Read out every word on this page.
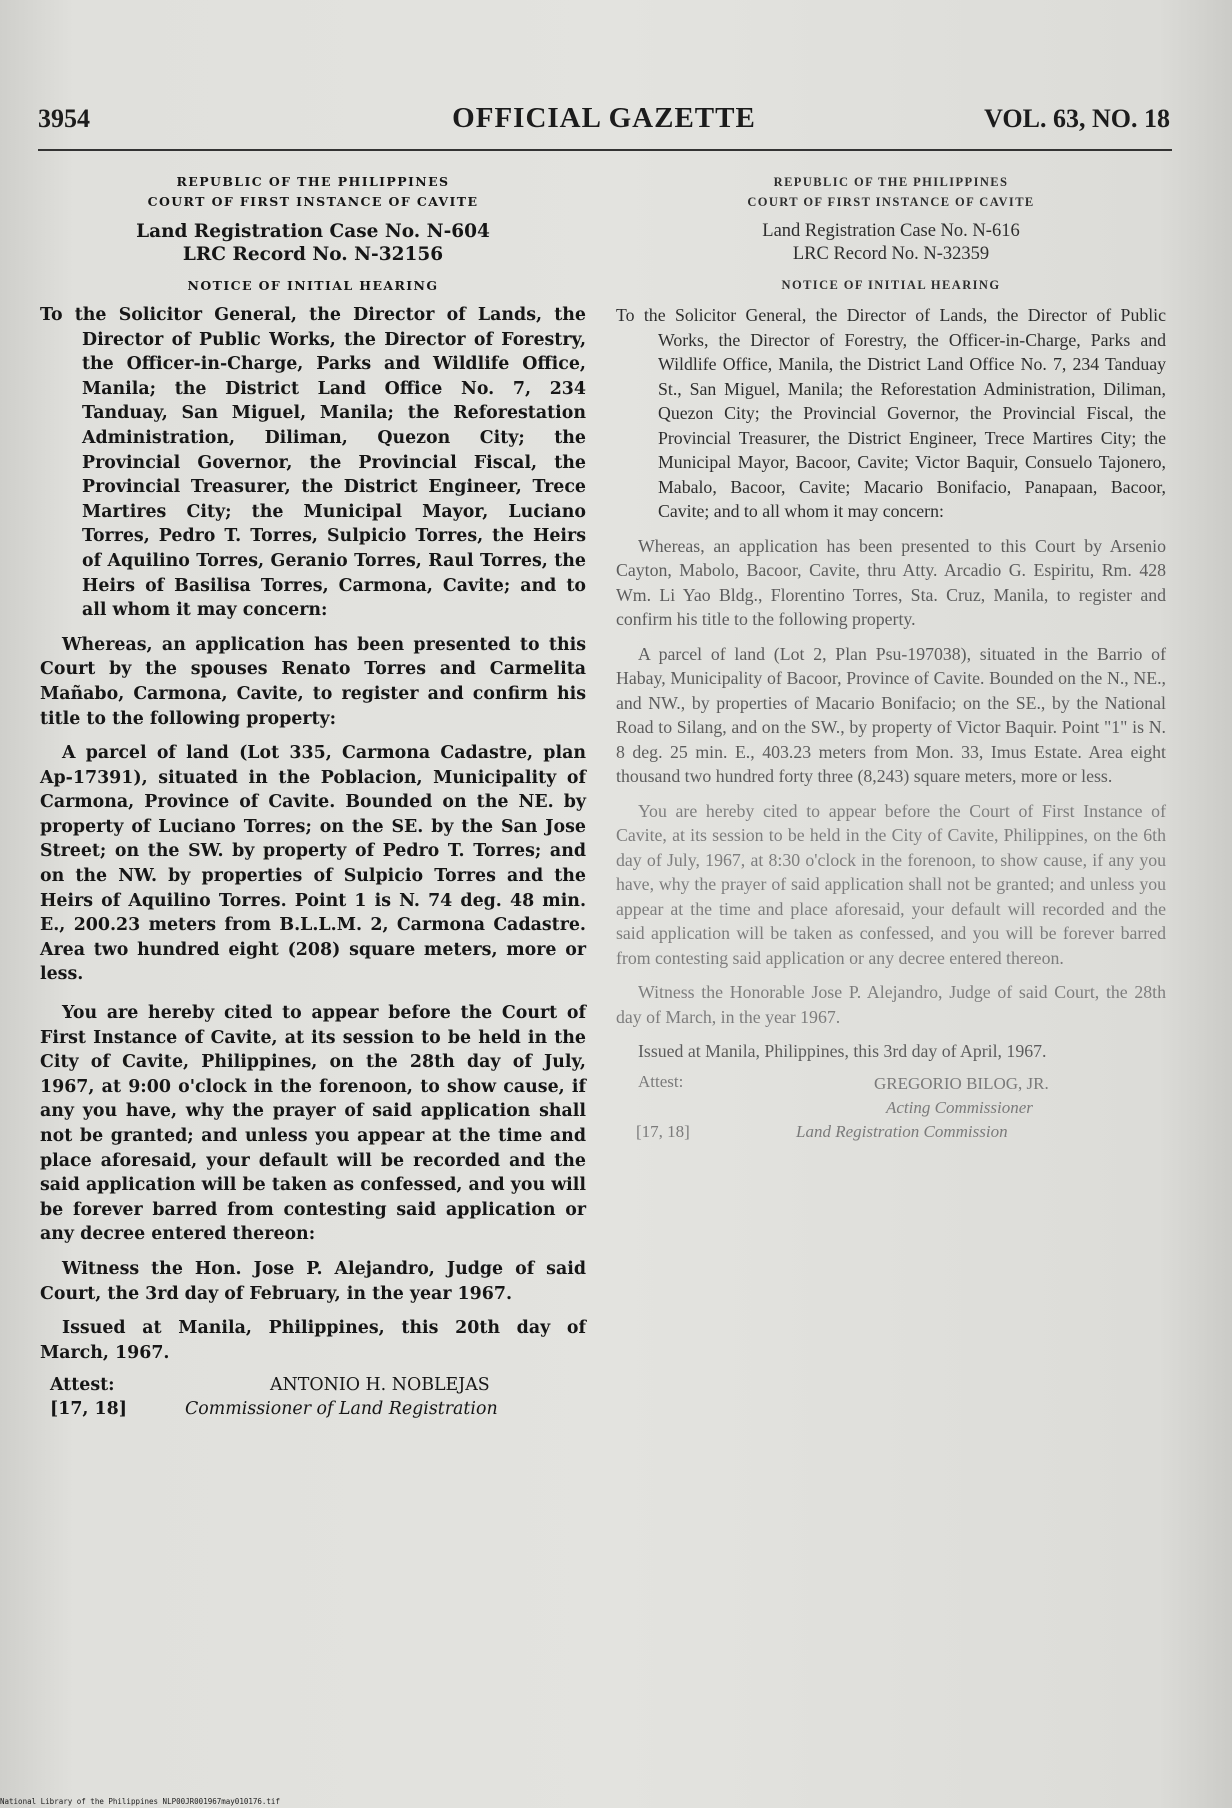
3954	OFFICIAL GAZETTE	VOL. 63, NO. 18
REPUBLIC OF THE PHILIPPINES
COURT OF FIRST INSTANCE OF CAVITE
Land Registration Case No. N-604
LRC Record No. N-32156
NOTICE OF INITIAL HEARING

To the Solicitor General, the Director of Lands, the Director of Public Works, the Director of Forestry, the Officer-in-Charge, Parks and Wildlife Office, Manila; the District Land Office No. 7, 234 Tanduay, San Miguel, Manila; the Reforestation Administration, Diliman, Quezon City; the Provincial Governor, the Provincial Fiscal, the Provincial Treasurer, the District Engineer, Trece Martires City; the Municipal Mayor, Luciano Torres, Pedro T. Torres, Sulpicio Torres, the Heirs of Aquilino Torres, Geranio Torres, Raul Torres, the Heirs of Basilisa Torres, Carmona, Cavite; and to all whom it may concern:

Whereas, an application has been presented to this Court by the spouses Renato Torres and Carmelita Mañabo, Carmona, Cavite, to register and confirm his title to the following property:

A parcel of land (Lot 335, Carmona Cadastre, plan Ap-17391), situated in the Poblacion, Municipality of Carmona, Province of Cavite. Bounded on the NE. by property of Luciano Torres; on the SE. by the San Jose Street; on the SW. by property of Pedro T. Torres; and on the NW. by properties of Sulpicio Torres and the Heirs of Aquilino Torres. Point 1 is N. 74 deg. 48 min. E., 200.23 meters from B.L.L.M. 2, Carmona Cadastre. Area two hundred eight (208) square meters, more or less.

You are hereby cited to appear before the Court of First Instance of Cavite, at its session to be held in the City of Cavite, Philippines, on the 28th day of July, 1967, at 9:00 o'clock in the forenoon, to show cause, if any you have, why the prayer of said application shall not be granted; and unless you appear at the time and place aforesaid, your default will be recorded and the said application will be taken as confessed, and you will be forever barred from contesting said application or any decree entered thereon:

Witness the Hon. Jose P. Alejandro, Judge of said Court, the 3rd day of February, in the year 1967.

Issued at Manila, Philippines, this 20th day of March, 1967.

Attest:	ANTONIO H. NOBLEJAS
[17, 18]	Commissioner of Land Registration
REPUBLIC OF THE PHILIPPINES
COURT OF FIRST INSTANCE OF CAVITE
Land Registration Case No. N-616
LRC Record No. N-32359
NOTICE OF INITIAL HEARING

To the Solicitor General, the Director of Lands, the Director of Public Works, the Director of Forestry, the Officer-in-Charge, Parks and Wildlife Office, Manila, the District Land Office No. 7, 234 Tanduay St., San Miguel, Manila; the Reforestation Administration, Diliman, Quezon City; the Provincial Governor, the Provincial Fiscal, the Provincial Treasurer, the District Engineer, Trece Martires City; the Municipal Mayor, Bacoor, Cavite; Victor Baquir, Consuelo Tajonero, Mabalo, Bacoor, Cavite; Macario Bonifacio, Panapaan, Bacoor, Cavite; and to all whom it may concern:

Whereas, an application has been presented to this Court by Arsenio Cayton, Mabolo, Bacoor, Cavite, thru Atty. Arcadio G. Espiritu, Rm. 428 Wm. Li Yao Bldg., Florentino Torres, Sta. Cruz, Manila, to register and confirm his title to the following property.

A parcel of land (Lot 2, Plan Psu-197038), situated in the Barrio of Habay, Municipality of Bacoor, Province of Cavite. Bounded on the N., NE., and NW., by properties of Macario Bonifacio; on the SE., by the National Road to Silang, and on the SW., by property of Victor Baquir. Point "1" is N. 8 deg. 25 min. E., 403.23 meters from Mon. 33, Imus Estate. Area eight thousand two hundred forty three (8,243) square meters, more or less.

You are hereby cited to appear before the Court of First Instance of Cavite, at its session to be held in the City of Cavite, Philippines, on the 6th day of July, 1967, at 8:30 o'clock in the forenoon, to show cause, if any you have, why the prayer of said application shall not be granted; and unless you appear at the time and place aforesaid, your default will recorded and the said application will be taken as confessed, and you will be forever barred from contesting said application or any decree entered thereon.

Witness the Honorable Jose P. Alejandro, Judge of said Court, the 28th day of March, in the year 1967.

Issued at Manila, Philippines, this 3rd day of April, 1967.

Attest:	GREGORIO BILOG, JR.
Acting Commissioner
[17, 18]	Land Registration Commission
National Library of the Philippines NLP00JR001967may010176.tif
